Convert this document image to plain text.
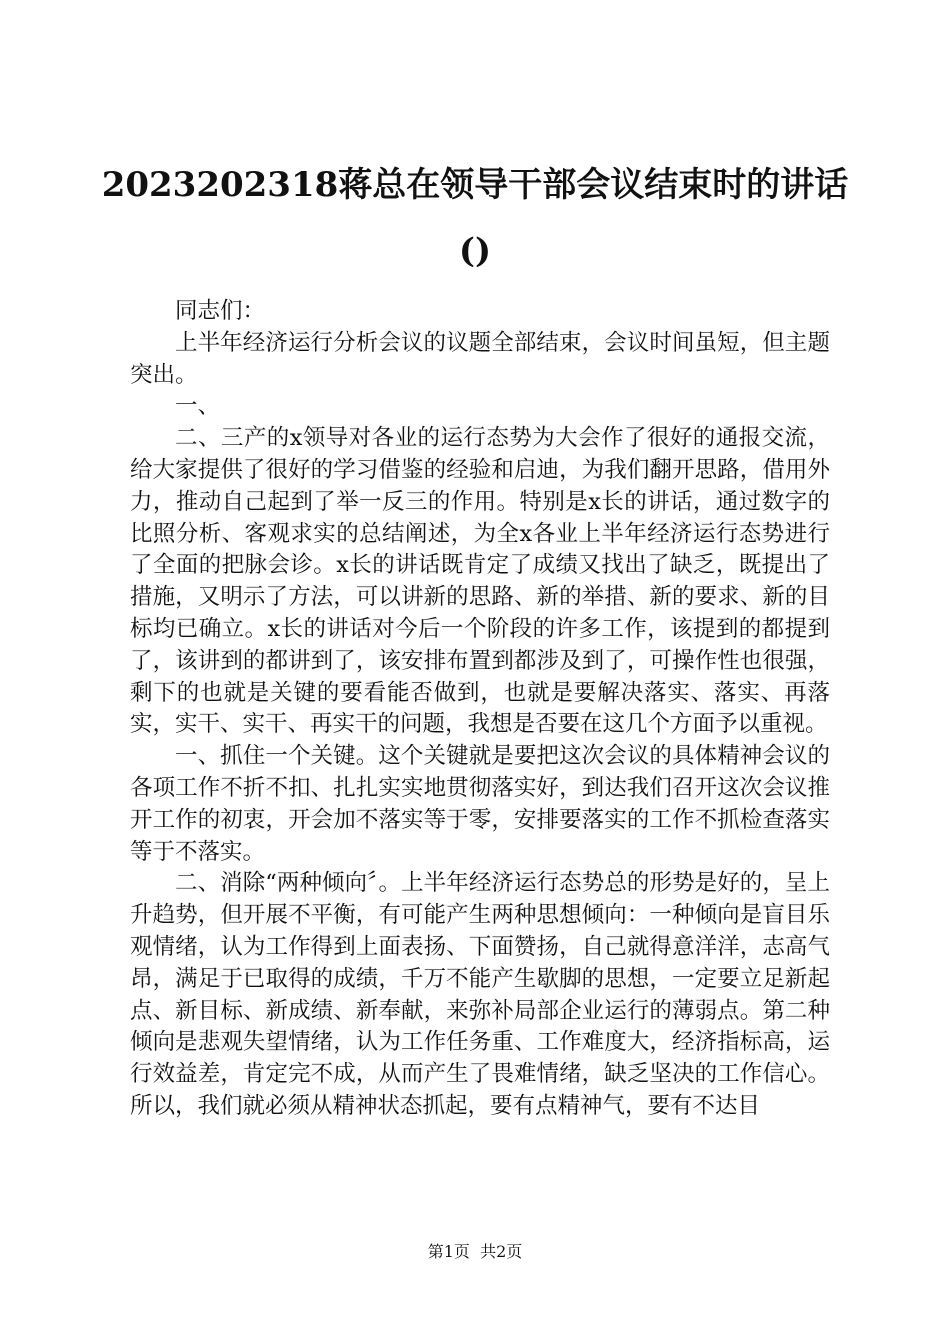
2023202318蒋总在领导干部会议结束时的讲话()

同志们：

上半年经济运行分析会议的议题全部结束，会议时间虽短，但主题突出。

一、

二、三产的x领导对各业的运行态势为大会作了很好的通报交流，给大家提供了很好的学习借鉴的经验和启迪，为我们翻开思路，借用外力，推动自己起到了举一反三的作用。特别是x长的讲话，通过数字的比照分析、客观求实的总结阐述，为全x各业上半年经济运行态势进行了全面的把脉会诊。x长的讲话既肯定了成绩又找出了缺乏，既提出了措施，又明示了方法，可以讲新的思路、新的举措、新的要求、新的目标均已确立。x长的讲话对今后一个阶段的许多工作，该提到的都提到了，该讲到的都讲到了，该安排布置到都涉及到了，可操作性也很强，剩下的也就是关键的要看能否做到，也就是要解决落实、落实、再落实，实干、实干、再实干的问题，我想是否要在这几个方面予以重视。

一、抓住一个关键。这个关键就是要把这次会议的具体精神会议的各项工作不折不扣、扎扎实实地贯彻落实好，到达我们召开这次会议推开工作的初衷，开会加不落实等于零，安排要落实的工作不抓检查落实等于不落实。

二、消除“两种倾向〞。上半年经济运行态势总的形势是好的，呈上升趋势，但开展不平衡，有可能产生两种思想倾向：一种倾向是盲目乐观情绪，认为工作得到上面表扬、下面赞扬，自己就得意洋洋，志高气昂，满足于已取得的成绩，千万不能产生歇脚的思想，一定要立足新起点、新目标、新成绩、新奉献，来弥补局部企业运行的薄弱点。第二种倾向是悲观失望情绪，认为工作任务重、工作难度大，经济指标高，运行效益差，肯定完不成，从而产生了畏难情绪，缺乏坚决的工作信心。所以，我们就必须从精神状态抓起，要有点精神气，要有不达目

第1页 共2页
